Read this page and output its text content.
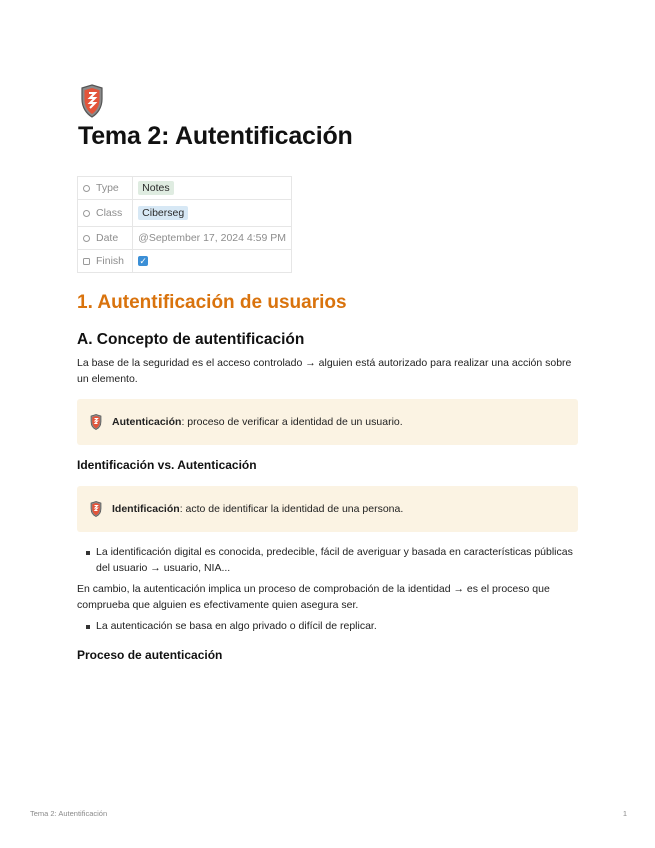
Tema 2: Autentificación
Type	Notes
Class	Ciberseg
Date	@September 17, 2024 4:59 PM
Finish	✓
1. Autentificación de usuarios
A. Concepto de autentificación

La base de la seguridad es el acceso controlado → alguien está autorizado para realizar una acción sobre un elemento.

Autenticación: proceso de verificar a identidad de un usuario.
Identificación vs. Autenticación
Identificación: acto de identificar la identidad de una persona.

La identificación digital es conocida, predecible, fácil de averiguar y basada en características públicas del usuario → usuario, NIA...

En cambio, la autenticación implica un proceso de comprobación de la identidad → es el proceso que comprueba que alguien es efectivamente quien asegura ser.

La autenticación se basa en algo privado o difícil de replicar.

Proceso de autenticación
Tema 2: Autentificación	1
